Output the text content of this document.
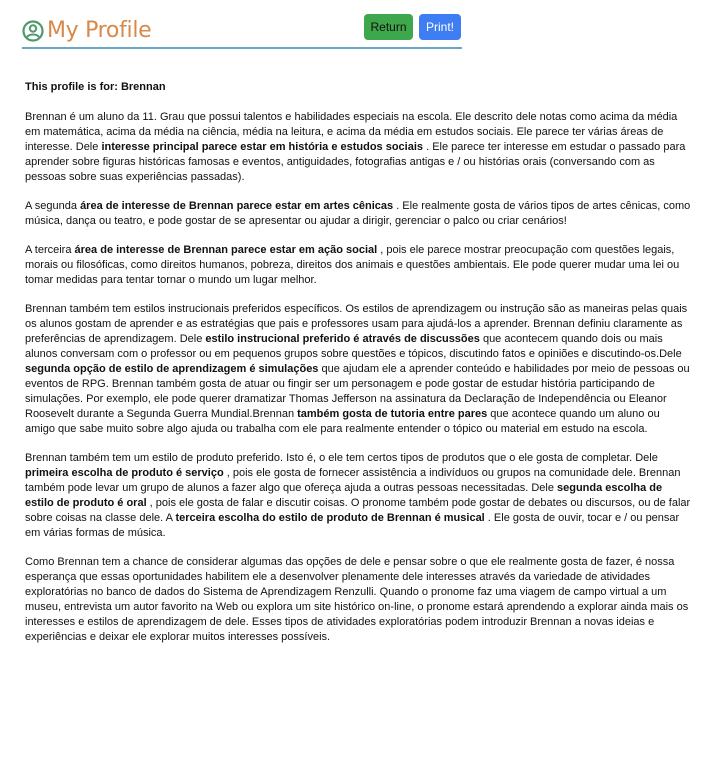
My Profile	Return	Print!

This profile is for: Brennan

Brennan é um aluno da 11. Grau que possui talentos e habilidades especiais na escola. Ele descrito dele notas como acima da média em matemática, acima da média na ciência, média na leitura, e acima da média em estudos sociais. Ele parece ter várias áreas de interesse. Dele interesse principal parece estar em história e estudos sociais . Ele parece ter interesse em estudar o passado para aprender sobre figuras históricas famosas e eventos, antiguidades, fotografias antigas e / ou histórias orais (conversando com as pessoas sobre suas experiências passadas).

A segunda área de interesse de Brennan parece estar em artes cênicas . Ele realmente gosta de vários tipos de artes cênicas, como música, dança ou teatro, e pode gostar de se apresentar ou ajudar a dirigir, gerenciar o palco ou criar cenários!

A terceira área de interesse de Brennan parece estar em ação social , pois ele parece mostrar preocupação com questões legais, morais ou filosóficas, como direitos humanos, pobreza, direitos dos animais e questões ambientais. Ele pode querer mudar uma lei ou tomar medidas para tentar tornar o mundo um lugar melhor.

Brennan também tem estilos instrucionais preferidos específicos. Os estilos de aprendizagem ou instrução são as maneiras pelas quais os alunos gostam de aprender e as estratégias que pais e professores usam para ajudá-los a aprender. Brennan definiu claramente as preferências de aprendizagem. Dele estilo instrucional preferido é através de discussões que acontecem quando dois ou mais alunos conversam com o professor ou em pequenos grupos sobre questões e tópicos, discutindo fatos e opiniões e discutindo-os.Dele segunda opção de estilo de aprendizagem é simulações que ajudam ele a aprender conteúdo e habilidades por meio de pessoas ou eventos de RPG. Brennan também gosta de atuar ou fingir ser um personagem e pode gostar de estudar história participando de simulações. Por exemplo, ele pode querer dramatizar Thomas Jefferson na assinatura da Declaração de Independência ou Eleanor Roosevelt durante a Segunda Guerra Mundial.Brennan também gosta de tutoria entre pares que acontece quando um aluno ou amigo que sabe muito sobre algo ajuda ou trabalha com ele para realmente entender o tópico ou material em estudo na escola.

Brennan também tem um estilo de produto preferido. Isto é, o ele tem certos tipos de produtos que o ele gosta de completar. Dele primeira escolha de produto é serviço , pois ele gosta de fornecer assistência a indivíduos ou grupos na comunidade dele. Brennan também pode levar um grupo de alunos a fazer algo que ofereça ajuda a outras pessoas necessitadas. Dele segunda escolha de estilo de produto é oral , pois ele gosta de falar e discutir coisas. O pronome também pode gostar de debates ou discursos, ou de falar sobre coisas na classe dele. A terceira escolha do estilo de produto de Brennan é musical . Ele gosta de ouvir, tocar e / ou pensar em várias formas de música.

Como Brennan tem a chance de considerar algumas das opções de dele e pensar sobre o que ele realmente gosta de fazer, é nossa esperança que essas oportunidades habilitem ele a desenvolver plenamente dele interesses através da variedade de atividades exploratórias no banco de dados do Sistema de Aprendizagem Renzulli. Quando o pronome faz uma viagem de campo virtual a um museu, entrevista um autor favorito na Web ou explora um site histórico on-line, o pronome estará aprendendo a explorar ainda mais os interesses e estilos de aprendizagem de dele. Esses tipos de atividades exploratórias podem introduzir Brennan a novas ideias e experiências e deixar ele explorar muitos interesses possíveis.
